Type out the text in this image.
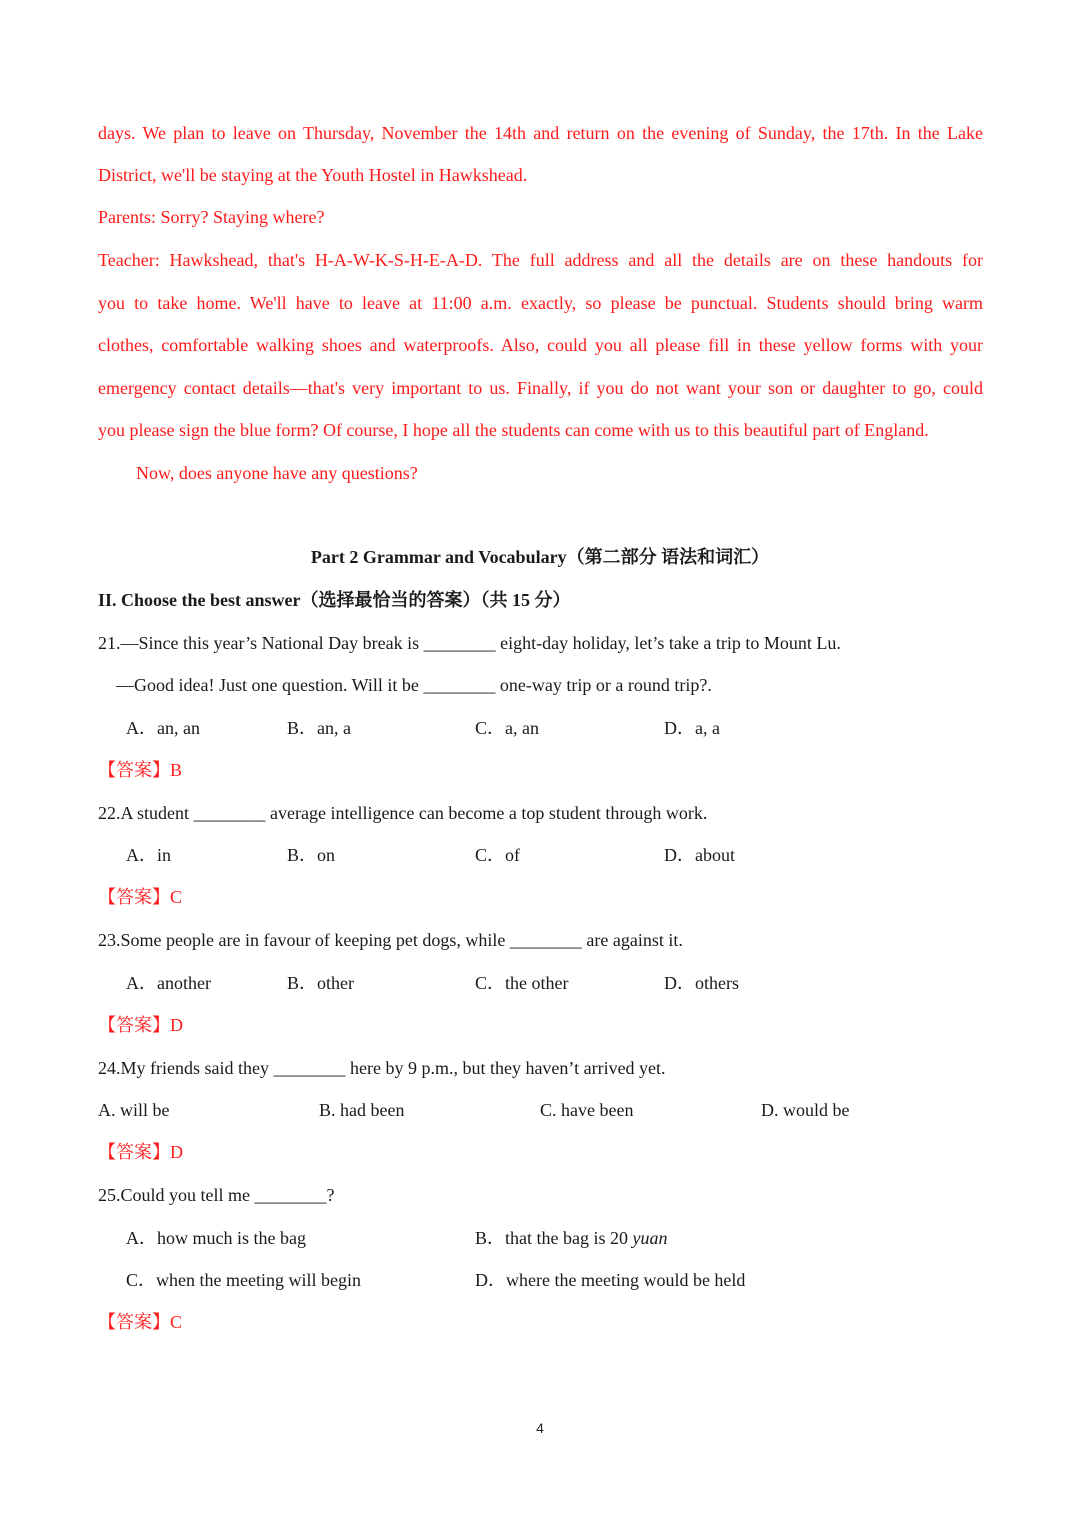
days. We plan to leave on Thursday, November the 14th and return on the evening of Sunday, the 17th. In the Lake
District, we'll be staying at the Youth Hostel in Hawkshead.
Parents: Sorry? Staying where?
Teacher: Hawkshead, that's H-A-W-K-S-H-E-A-D. The full address and all the details are on these handouts for
you to take home. We'll have to leave at 11:00 a.m. exactly, so please be punctual. Students should bring warm
clothes, comfortable walking shoes and waterproofs. Also, could you all please fill in these yellow forms with your
emergency contact details—that's very important to us. Finally, if you do not want your son or daughter to go, could
you please sign the blue form? Of course, I hope all the students can come with us to this beautiful part of England.
Now, does anyone have any questions?
Part 2 Grammar and Vocabulary（第二部分 语法和词汇）
II. Choose the best answer（选择最恰当的答案）（共 15 分）
21.—Since this year’s National Day break is ________ eight-day holiday, let’s take a trip to Mount Lu.
—Good idea! Just one question. Will it be ________ one-way trip or a round trip?.
A．an, an	B．an, a	C．a, an	D．a, a
【答案】B
22.A student ________ average intelligence can become a top student through work.
A．in	B．on	C．of	D．about
【答案】C
23.Some people are in favour of keeping pet dogs, while ________ are against it.
A．another	B．other	C．the other	D．others
【答案】D
24.My friends said they ________ here by 9 p.m., but they haven’t arrived yet.
A. will be	B. had been	C. have been	D. would be
【答案】D
25.Could you tell me ________?
A．how much is the bag	B．that the bag is 20 yuan
C．when the meeting will begin	D．where the meeting would be held
【答案】C
4
